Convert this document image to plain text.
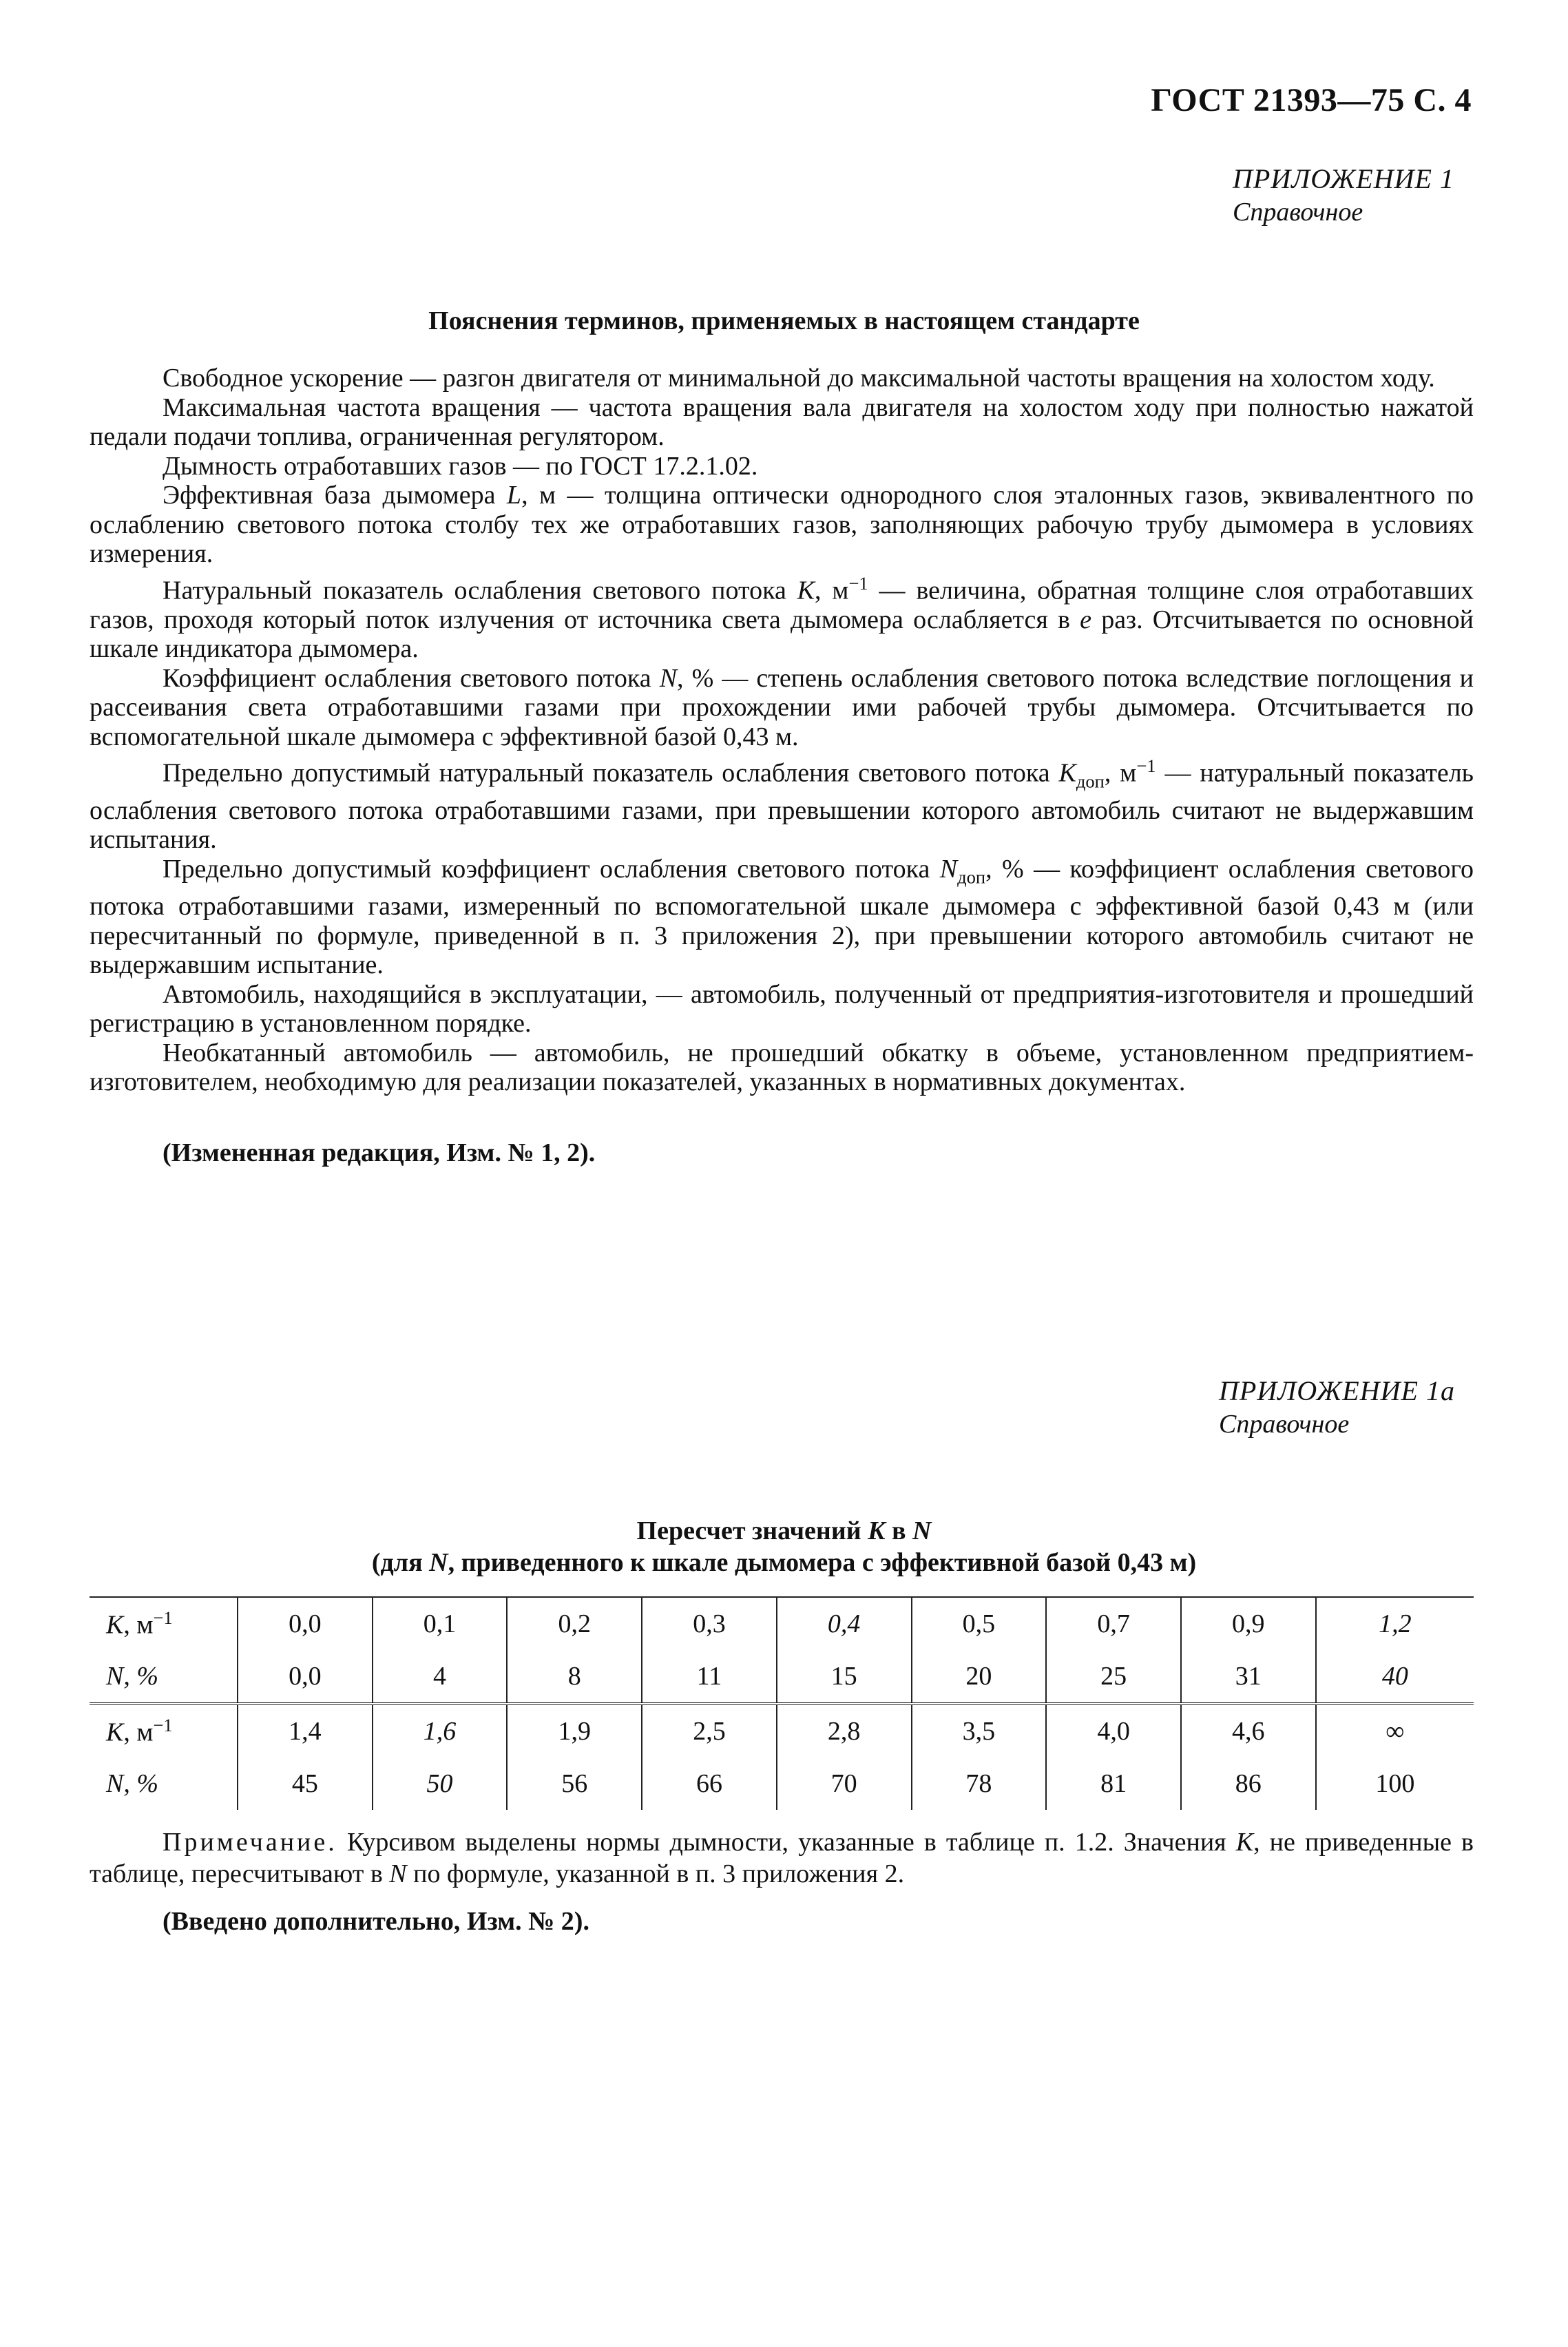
ГОСТ 21393—75 С. 4
ПРИЛОЖЕНИЕ 1
Справочное
Пояснения терминов, применяемых в настоящем стандарте

Свободное ускорение — разгон двигателя от минимальной до максимальной частоты вращения на холостом ходу.

Максимальная частота вращения — частота вращения вала двигателя на холостом ходу при полностью нажатой педали подачи топлива, ограниченная регулятором.

Дымность отработавших газов — по ГОСТ 17.2.1.02.

Эффективная база дымомера L, м — толщина оптически однородного слоя эталонных газов, эквивалентного по ослаблению светового потока столбу тех же отработавших газов, заполняющих рабочую трубу дымомера в условиях измерения.

Натуральный показатель ослабления светового потока K, $м^{-1}$ — величина, обратная толщине слоя отработавших газов, проходя который поток излучения от источника света дымомера ослабляется в e раз. Отсчитывается по основной шкале индикатора дымомера.

Коэффициент ослабления светового потока N, % — степень ослабления светового потока вследствие поглощения и рассеивания света отработавшими газами при прохождении ими рабочей трубы дымомера. Отсчитывается по вспомогательной шкале дымомера с эффективной базой 0,43 м.

Предельно допустимый натуральный показатель ослабления светового потока $K_{доп}$, $м^{-1}$ — натуральный показатель ослабления светового потока отработавшими газами, при превышении которого автомобиль считают не выдержавшим испытания.

Предельно допустимый коэффициент ослабления светового потока $N_{доп}$, % — коэффициент ослабления светового потока отработавшими газами, измеренный по вспомогательной шкале дымомера с эффективной базой 0,43 м (или пересчитанный по формуле, приведенной в п. 3 приложения 2), при превышении которого автомобиль считают не выдержавшим испытание.

Автомобиль, находящийся в эксплуатации, — автомобиль, полученный от предприятия-изготовителя и прошедший регистрацию в установленном порядке.

Необкатанный автомобиль — автомобиль, не прошедший обкатку в объеме, установленном предприятием-изготовителем, необходимую для реализации показателей, указанных в нормативных документах.

(Измененная редакция, Изм. № 1, 2).
ПРИЛОЖЕНИЕ 1а
Справочное
Пересчет значений K в N
(для N, приведенного к шкале дымомера с эффективной базой 0,43 м)
K, $м^{-1}$	0,0	0,1	0,2	0,3	0,4	0,5	0,7	0,9	1,2
N, %	0,0	4	8	11	15	20	25	31	40
K, $м^{-1}$	1,4	1,6	1,9	2,5	2,8	3,5	4,0	4,6	∞
N, %	45	50	56	66	70	78	81	86	100
Примечание. Курсивом выделены нормы дымности, указанные в таблице п. 1.2. Значения K, не приведенные в таблице, пересчитывают в N по формуле, указанной в п. 3 приложения 2.
(Введено дополнительно, Изм. № 2).
